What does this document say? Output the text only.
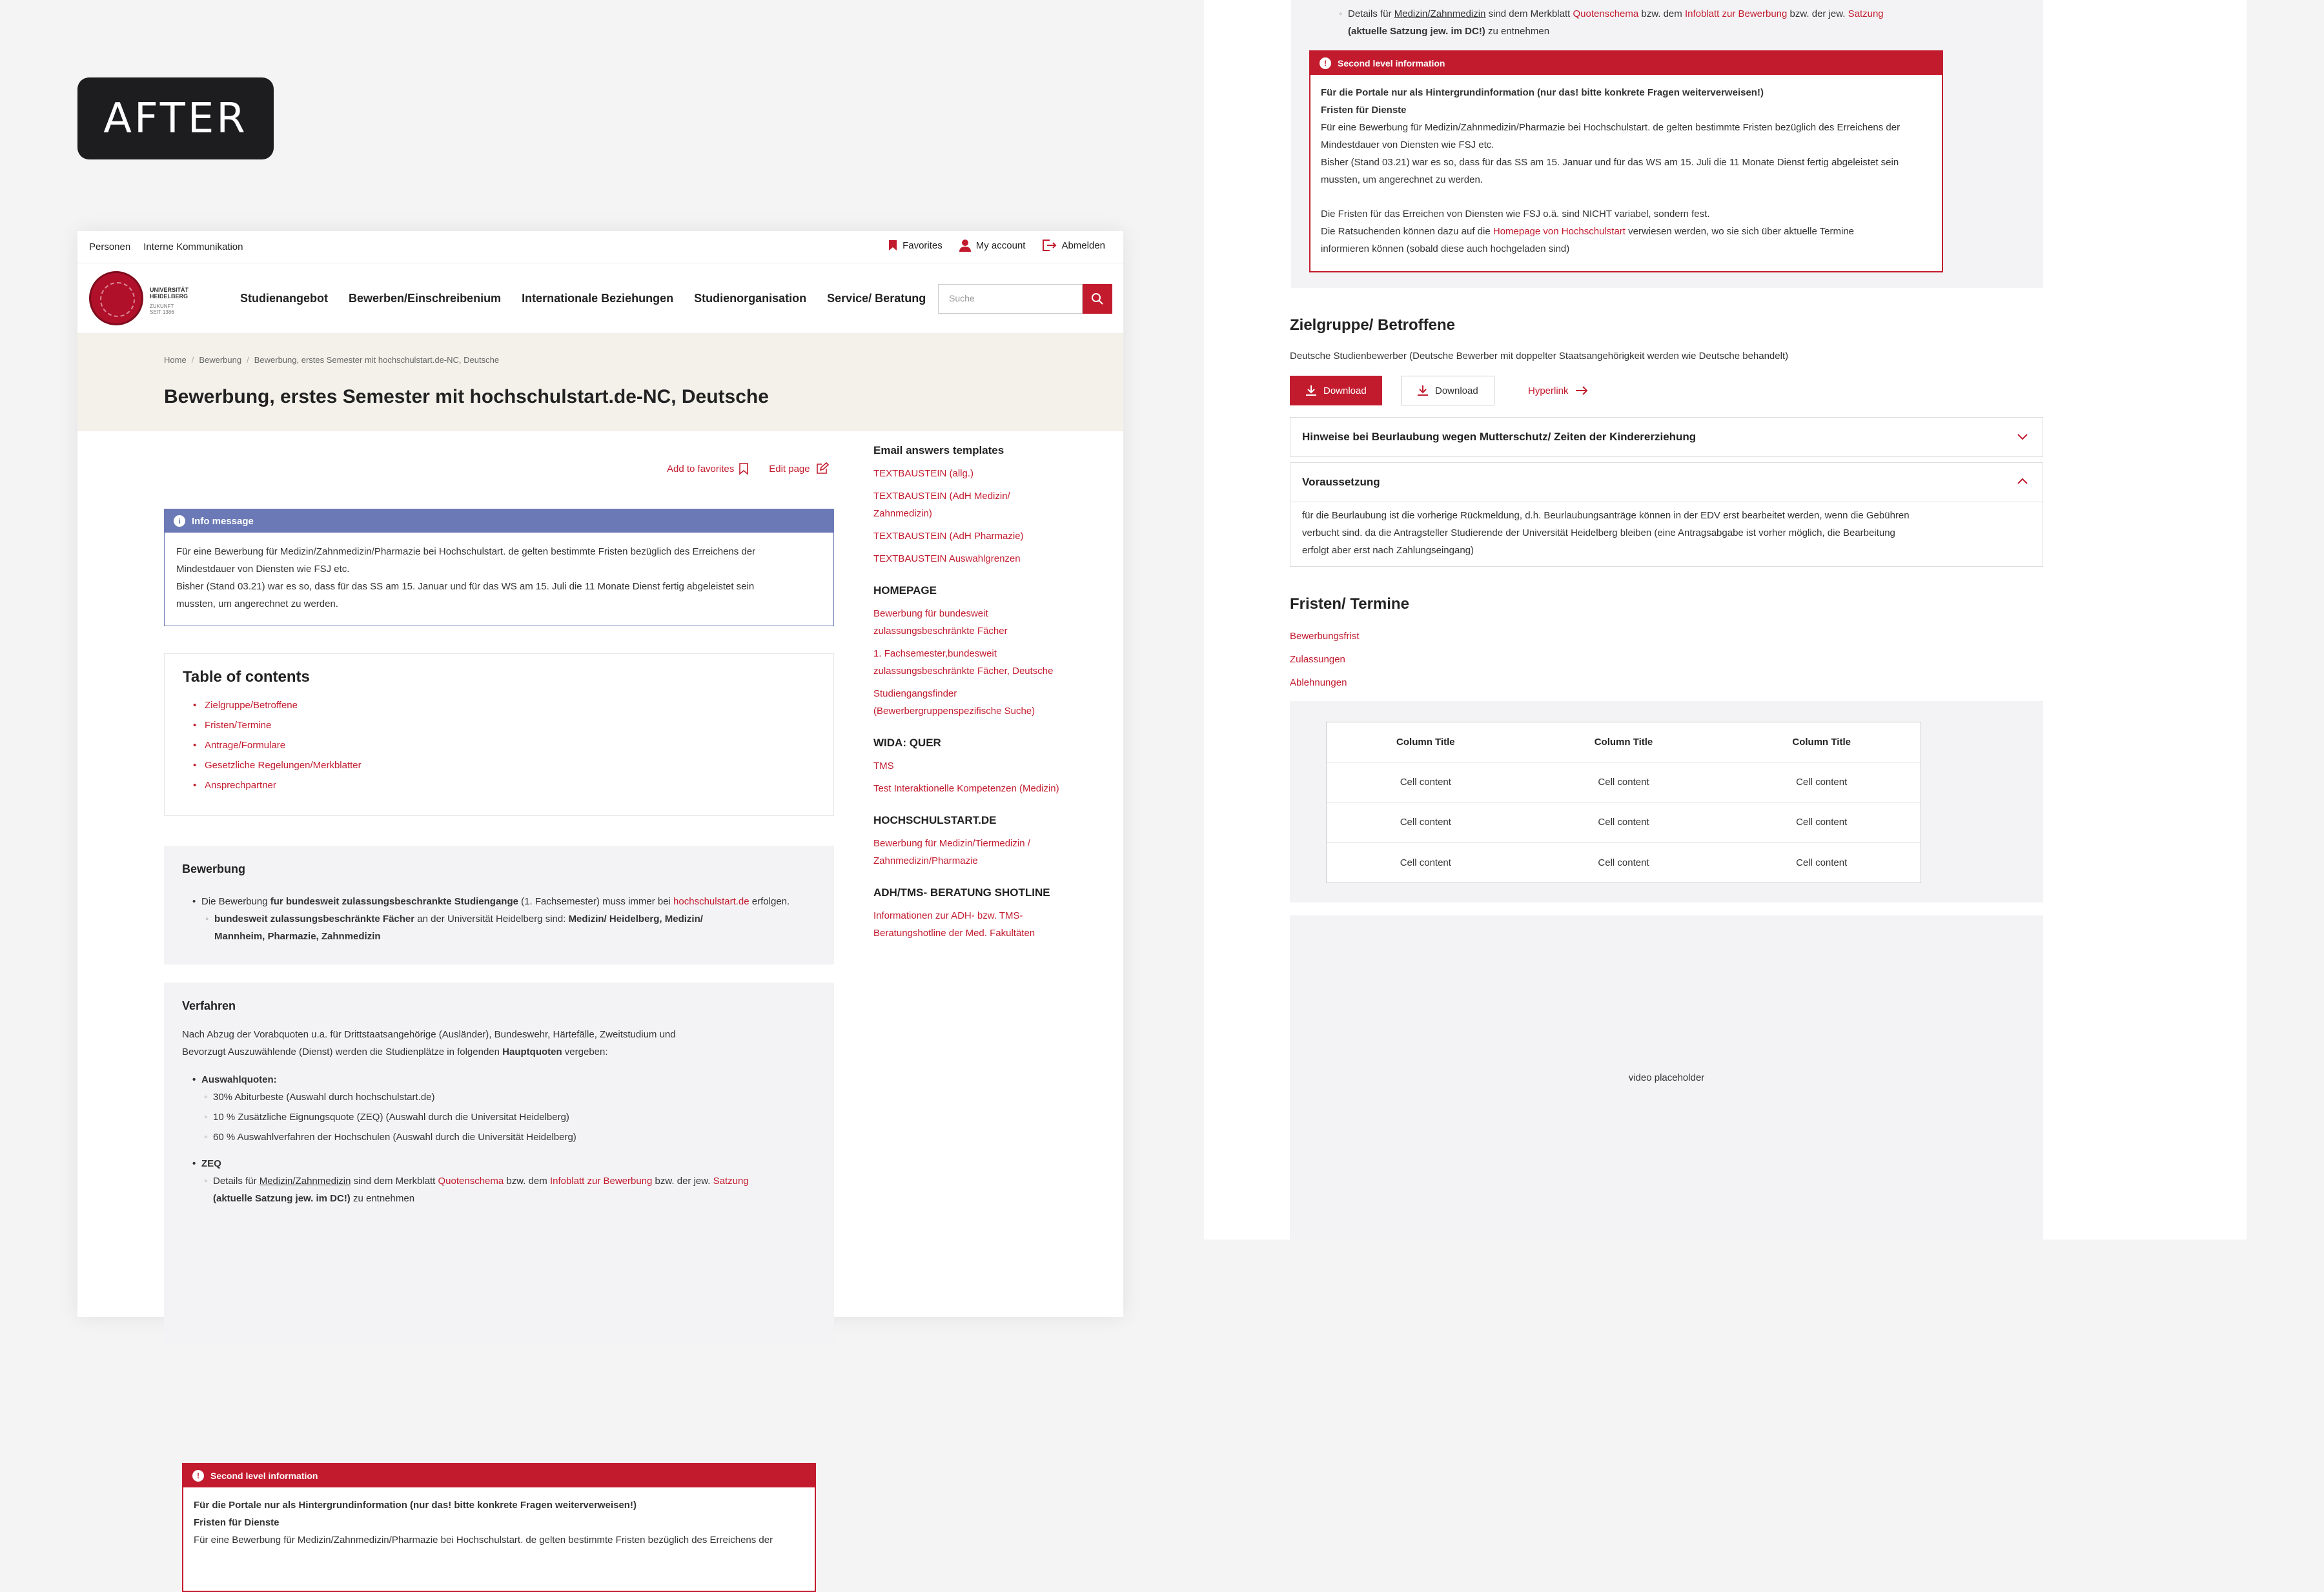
AFTER
Personen Interne Kommunikation	Favorites	My account	Abmelden
UNIVERSITÄT
HEIDELBERG
ZUKUNFT
SEIT 1386
Studienangebot Bewerben/Einschreibenium Internationale Beziehungen Studienorganisation Service/ Beratung	Suche
Home / Bewerbung / Bewerbung, erstes Semester mit hochschulstart.de-NC, Deutsche
Bewerbung, erstes Semester mit hochschulstart.de-NC, Deutsche
Add to favorites	Edit page
i	Info message
Für eine Bewerbung für Medizin/Zahnmedizin/Pharmazie bei Hochschulstart. de gelten bestimmte Fristen bezüglich des Erreichens der
Mindestdauer von Diensten wie FSJ etc.
Bisher (Stand 03.21) war es so, dass für das SS am 15. Januar und für das WS am 15. Juli die 11 Monate Dienst fertig abgeleistet sein
mussten, um angerechnet zu werden.
Table of contents
• Zielgruppe/Betroffene
• Fristen/Termine
• Antrage/Formulare
• Gesetzliche Regelungen/Merkblatter
• Ansprechpartner
Bewerbung
• Die Bewerbung fur bundesweit zulassungsbeschrankte Studiengange (1. Fachsemester) muss immer bei hochschulstart.de erfolgen.
◦ bundesweit zulassungsbeschränkte Fächer an der Universität Heidelberg sind: Medizin/ Heidelberg, Medizin/
Mannheim, Pharmazie, Zahnmedizin
Verfahren
Nach Abzug der Vorabquoten u.a. für Drittstaatsangehörige (Ausländer), Bundeswehr, Härtefälle, Zweitstudium und
Bevorzugt Auszuwählende (Dienst) werden die Studienplätze in folgenden Hauptquoten vergeben:
• Auswahlquoten:
◦ 30% Abiturbeste (Auswahl durch hochschulstart.de)
◦ 10 % Zusätzliche Eignungsquote (ZEQ) (Auswahl durch die Universitat Heidelberg)
◦ 60 % Auswahlverfahren der Hochschulen (Auswahl durch die Universität Heidelberg)
• ZEQ
◦ Details für Medizin/Zahnmedizin sind dem Merkblatt Quotenschema bzw. dem Infoblatt zur Bewerbung bzw. der jew. Satzung
(aktuelle Satzung jew. im DC!) zu entnehmen
!	Second level information
Für die Portale nur als Hintergrundinformation (nur das! bitte konkrete Fragen weiterverweisen!)
Fristen für Dienste
Für eine Bewerbung für Medizin/Zahnmedizin/Pharmazie bei Hochschulstart. de gelten bestimmte Fristen bezüglich des Erreichens der
Email answers templates
TEXTBAUSTEIN (allg.)
TEXTBAUSTEIN (AdH Medizin/ Zahnmedizin)
TEXTBAUSTEIN (AdH Pharmazie)
TEXTBAUSTEIN Auswahlgrenzen
HOMEPAGE
Bewerbung für bundesweit zulassungsbeschränkte Fächer
1. Fachsemester,bundesweit zulassungsbeschränkte Fächer, Deutsche
Studiengangsfinder (Bewerbergruppenspezifische Suche)
WIDA: QUER
TMS
Test Interaktionelle Kompetenzen (Medizin)
HOCHSCHULSTART.DE
Bewerbung für Medizin/Tiermedizin / Zahnmedizin/Pharmazie
ADH/TMS- BERATUNG SHOTLINE
Informationen zur ADH- bzw. TMS- Beratungshotline der Med. Fakultäten
◦ Details für Medizin/Zahnmedizin sind dem Merkblatt Quotenschema bzw. dem Infoblatt zur Bewerbung bzw. der jew. Satzung
(aktuelle Satzung jew. im DC!) zu entnehmen
!	Second level information
Für die Portale nur als Hintergrundinformation (nur das! bitte konkrete Fragen weiterverweisen!)
Fristen für Dienste
Für eine Bewerbung für Medizin/Zahnmedizin/Pharmazie bei Hochschulstart. de gelten bestimmte Fristen bezüglich des Erreichens der
Mindestdauer von Diensten wie FSJ etc.
Bisher (Stand 03.21) war es so, dass für das SS am 15. Januar und für das WS am 15. Juli die 11 Monate Dienst fertig abgeleistet sein
mussten, um angerechnet zu werden.
Die Fristen für das Erreichen von Diensten wie FSJ o.ä. sind NICHT variabel, sondern fest.
Die Ratsuchenden können dazu auf die Homepage von Hochschulstart verwiesen werden, wo sie sich über aktuelle Termine
informieren können (sobald diese auch hochgeladen sind)
Zielgruppe/ Betroffene
Deutsche Studienbewerber (Deutsche Bewerber mit doppelter Staatsangehörigkeit werden wie Deutsche behandelt)
Download	Download	Hyperlink
Hinweise bei Beurlaubung wegen Mutterschutz/ Zeiten der Kindererziehung
Voraussetzung
für die Beurlaubung ist die vorherige Rückmeldung, d.h. Beurlaubungsanträge können in der EDV erst bearbeitet werden, wenn die Gebühren
verbucht sind. da die Antragsteller Studierende der Universität Heidelberg bleiben (eine Antragsabgabe ist vorher möglich, die Bearbeitung
erfolgt aber erst nach Zahlungseingang)
Fristen/ Termine
Bewerbungsfrist
Zulassungen
Ablehnungen
Column Title	Column Title	Column Title
Cell content	Cell content	Cell content
Cell content	Cell content	Cell content
Cell content	Cell content	Cell content
video placeholder
